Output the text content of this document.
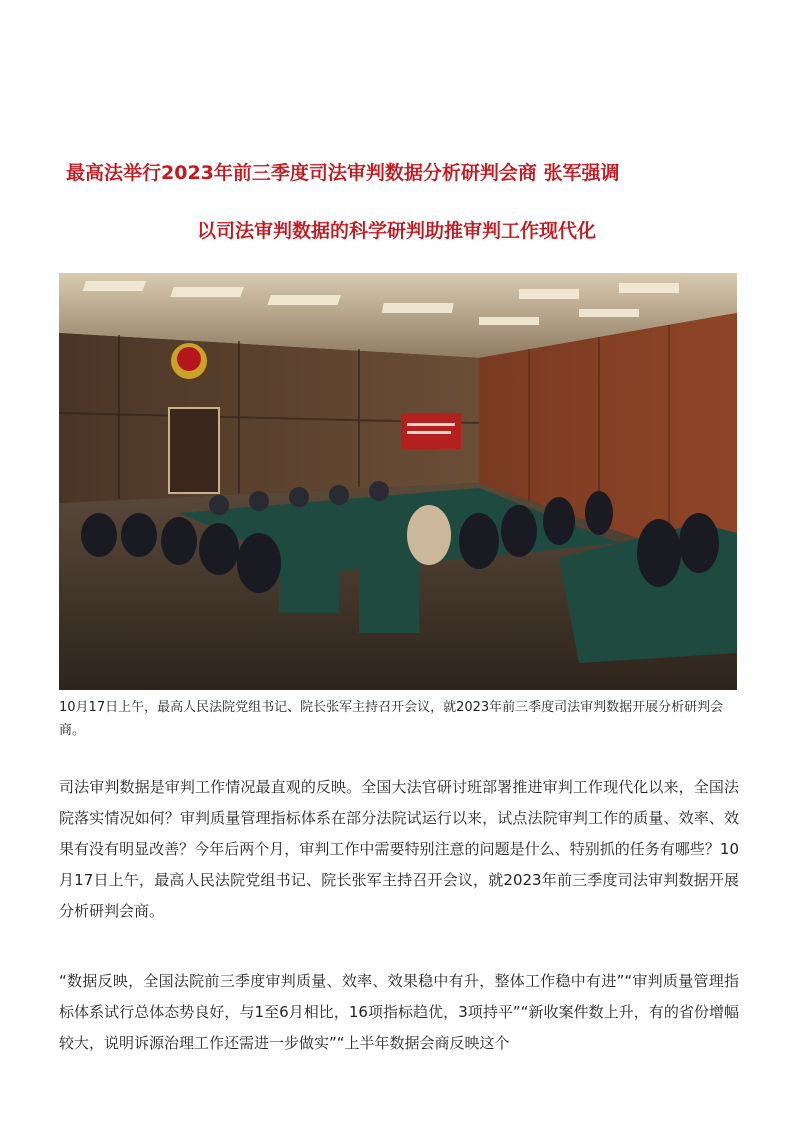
最高法举行2023年前三季度司法审判数据分析研判会商 张军强调
以司法审判数据的科学研判助推审判工作现代化
10月17日上午，最高人民法院党组书记、院长张军主持召开会议，就2023年前三季度司法审判数据开展分析研判会商。

司法审判数据是审判工作情况最直观的反映。全国大法官研讨班部署推进审判工作现代化以来，全国法院落实情况如何？审判质量管理指标体系在部分法院试运行以来，试点法院审判工作的质量、效率、效果有没有明显改善？今年后两个月，审判工作中需要特别注意的问题是什么、特别抓的任务有哪些？10月17日上午，最高人民法院党组书记、院长张军主持召开会议，就2023年前三季度司法审判数据开展分析研判会商。

“数据反映，全国法院前三季度审判质量、效率、效果稳中有升，整体工作稳中有进”“审判质量管理指标体系试行总体态势良好，与1至6月相比，16项指标趋优，3项持平”“新收案件数上升，有的省份增幅较大，说明诉源治理工作还需进一步做实”“上半年数据会商反映这个
